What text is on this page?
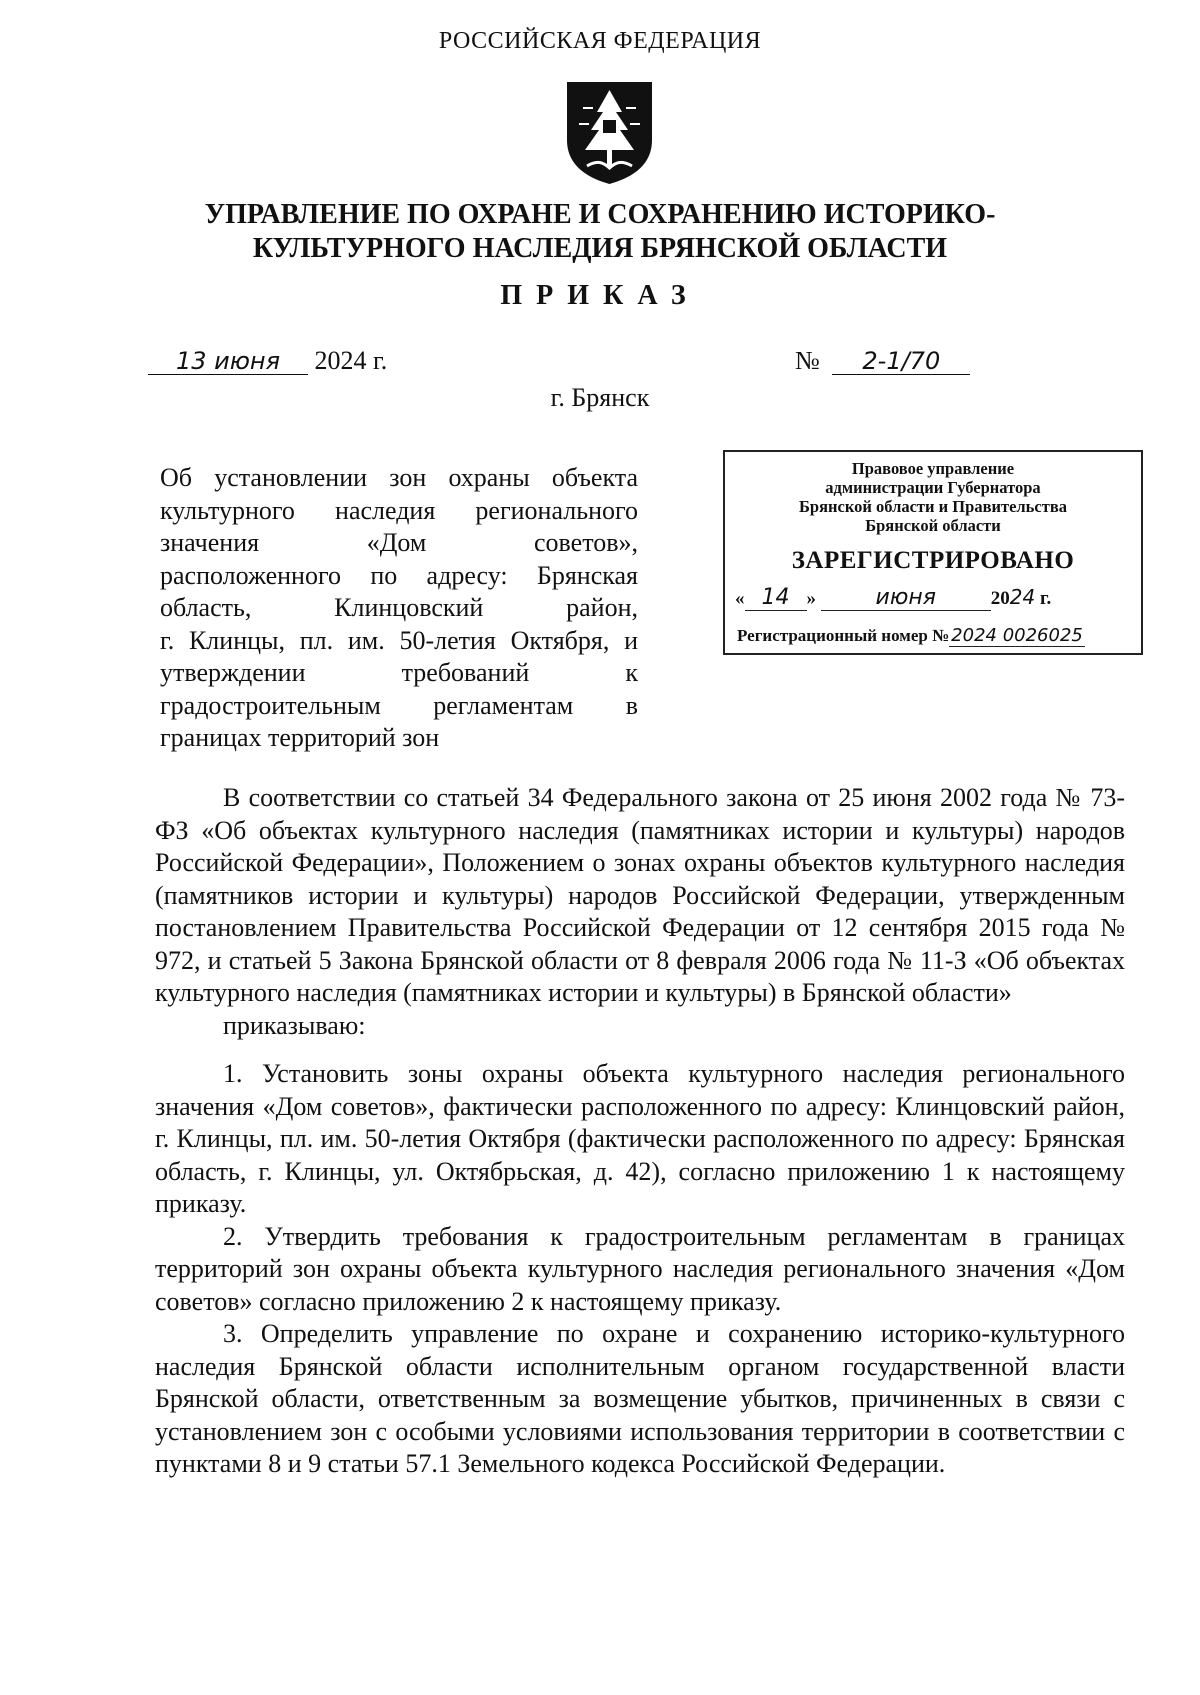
РОССИЙСКАЯ ФЕДЕРАЦИЯ
УПРАВЛЕНИЕ ПО ОХРАНЕ И СОХРАНЕНИЮ ИСТОРИКО-
КУЛЬТУРНОГО НАСЛЕДИЯ БРЯНСКОЙ ОБЛАСТИ
ПРИКАЗ
13 июня 2024 г.	№ 2-1/70
г. Брянск
Об установлении зон охраны объекта
культурного наследия регионального
значения «Дом советов»,
расположенного по адресу: Брянская
область, Клинцовский район,
г. Клинцы, пл. им. 50-летия Октября, и
утверждении требований к
градостроительным регламентам в
границах территорий зон
Правовое управление
администрации Губернатора
Брянской области и Правительства
Брянской области
ЗАРЕГИСТРИРОВАНО
« 14 »	июня	2024 г.
Регистрационный номер № 2024 0026025

В соответствии со статьей 34 Федерального закона от 25 июня 2002 года № 73-ФЗ «Об объектах культурного наследия (памятниках истории и культуры) народов Российской Федерации», Положением о зонах охраны объектов культурного наследия (памятников истории и культуры) народов Российской Федерации, утвержденным постановлением Правительства Российской Федерации от 12 сентября 2015 года № 972, и статьей 5 Закона Брянской области от 8 февраля 2006 года № 11-З «Об объектах культурного наследия (памятниках истории и культуры) в Брянской области»

приказываю:

1. Установить зоны охраны объекта культурного наследия регионального значения «Дом советов», фактически расположенного по адресу: Клинцовский район, г. Клинцы, пл. им. 50-летия Октября (фактически расположенного по адресу: Брянская область, г. Клинцы, ул. Октябрьская, д. 42), согласно приложению 1 к настоящему приказу.

2. Утвердить требования к градостроительным регламентам в границах территорий зон охраны объекта культурного наследия регионального значения «Дом советов» согласно приложению 2 к настоящему приказу.

3. Определить управление по охране и сохранению историко-культурного наследия Брянской области исполнительным органом государственной власти Брянской области, ответственным за возмещение убытков, причиненных в связи с установлением зон с особыми условиями использования территории в соответствии с пунктами 8 и 9 статьи 57.1 Земельного кодекса Российской Федерации.
